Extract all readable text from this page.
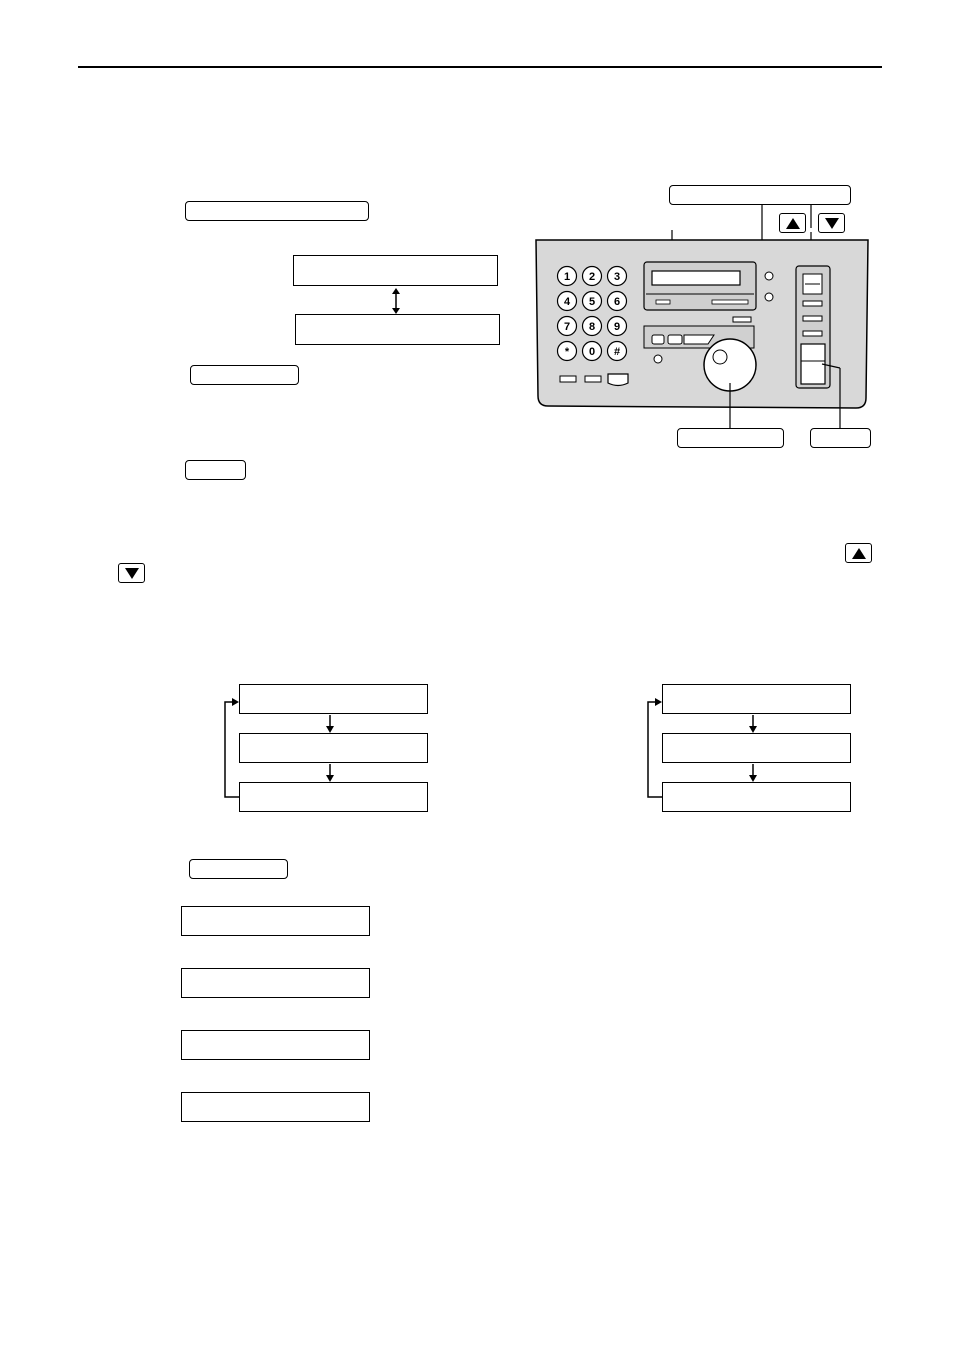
1 2 3
4 5 6
7 8 9
* 0 #
